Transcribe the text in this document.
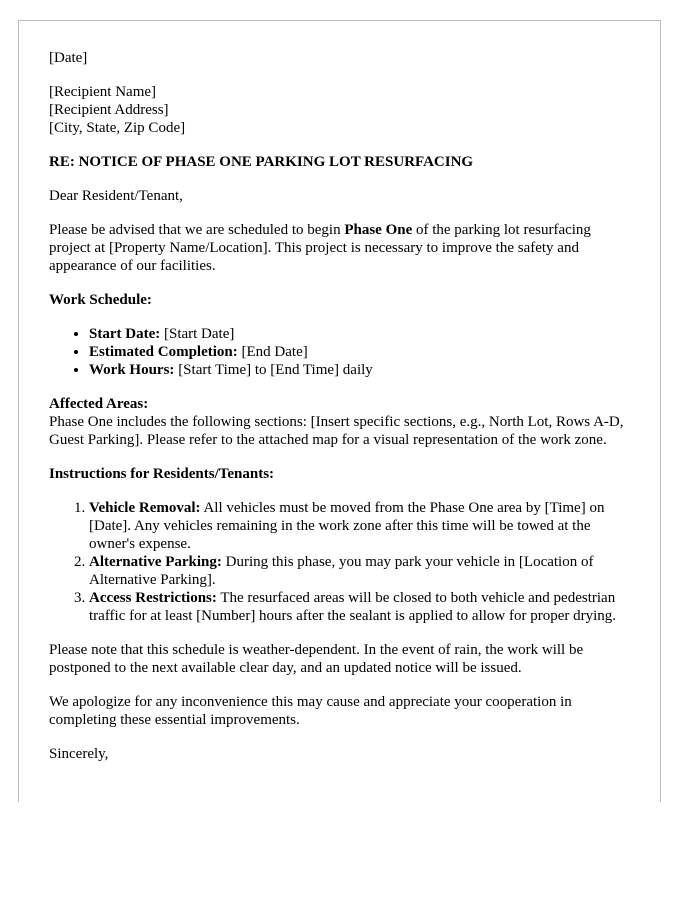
[Date]

[Recipient Name]
[Recipient Address]
[City, State, Zip Code]

RE: NOTICE OF PHASE ONE PARKING LOT RESURFACING

Dear Resident/Tenant,

Please be advised that we are scheduled to begin Phase One of the parking lot resurfacing project at [Property Name/Location]. This project is necessary to improve the safety and appearance of our facilities.

Work Schedule:

• Start Date: [Start Date]
• Estimated Completion: [End Date]
• Work Hours: [Start Time] to [End Time] daily

Affected Areas:
Phase One includes the following sections: [Insert specific sections, e.g., North Lot, Rows A-D, Guest Parking]. Please refer to the attached map for a visual representation of the work zone.

Instructions for Residents/Tenants:

1. Vehicle Removal: All vehicles must be moved from the Phase One area by [Time] on [Date]. Any vehicles remaining in the work zone after this time will be towed at the owner's expense.
2. Alternative Parking: During this phase, you may park your vehicle in [Location of Alternative Parking].
3. Access Restrictions: The resurfaced areas will be closed to both vehicle and pedestrian traffic for at least [Number] hours after the sealant is applied to allow for proper drying.

Please note that this schedule is weather-dependent. In the event of rain, the work will be postponed to the next available clear day, and an updated notice will be issued.

We apologize for any inconvenience this may cause and appreciate your cooperation in completing these essential improvements.

Sincerely,
